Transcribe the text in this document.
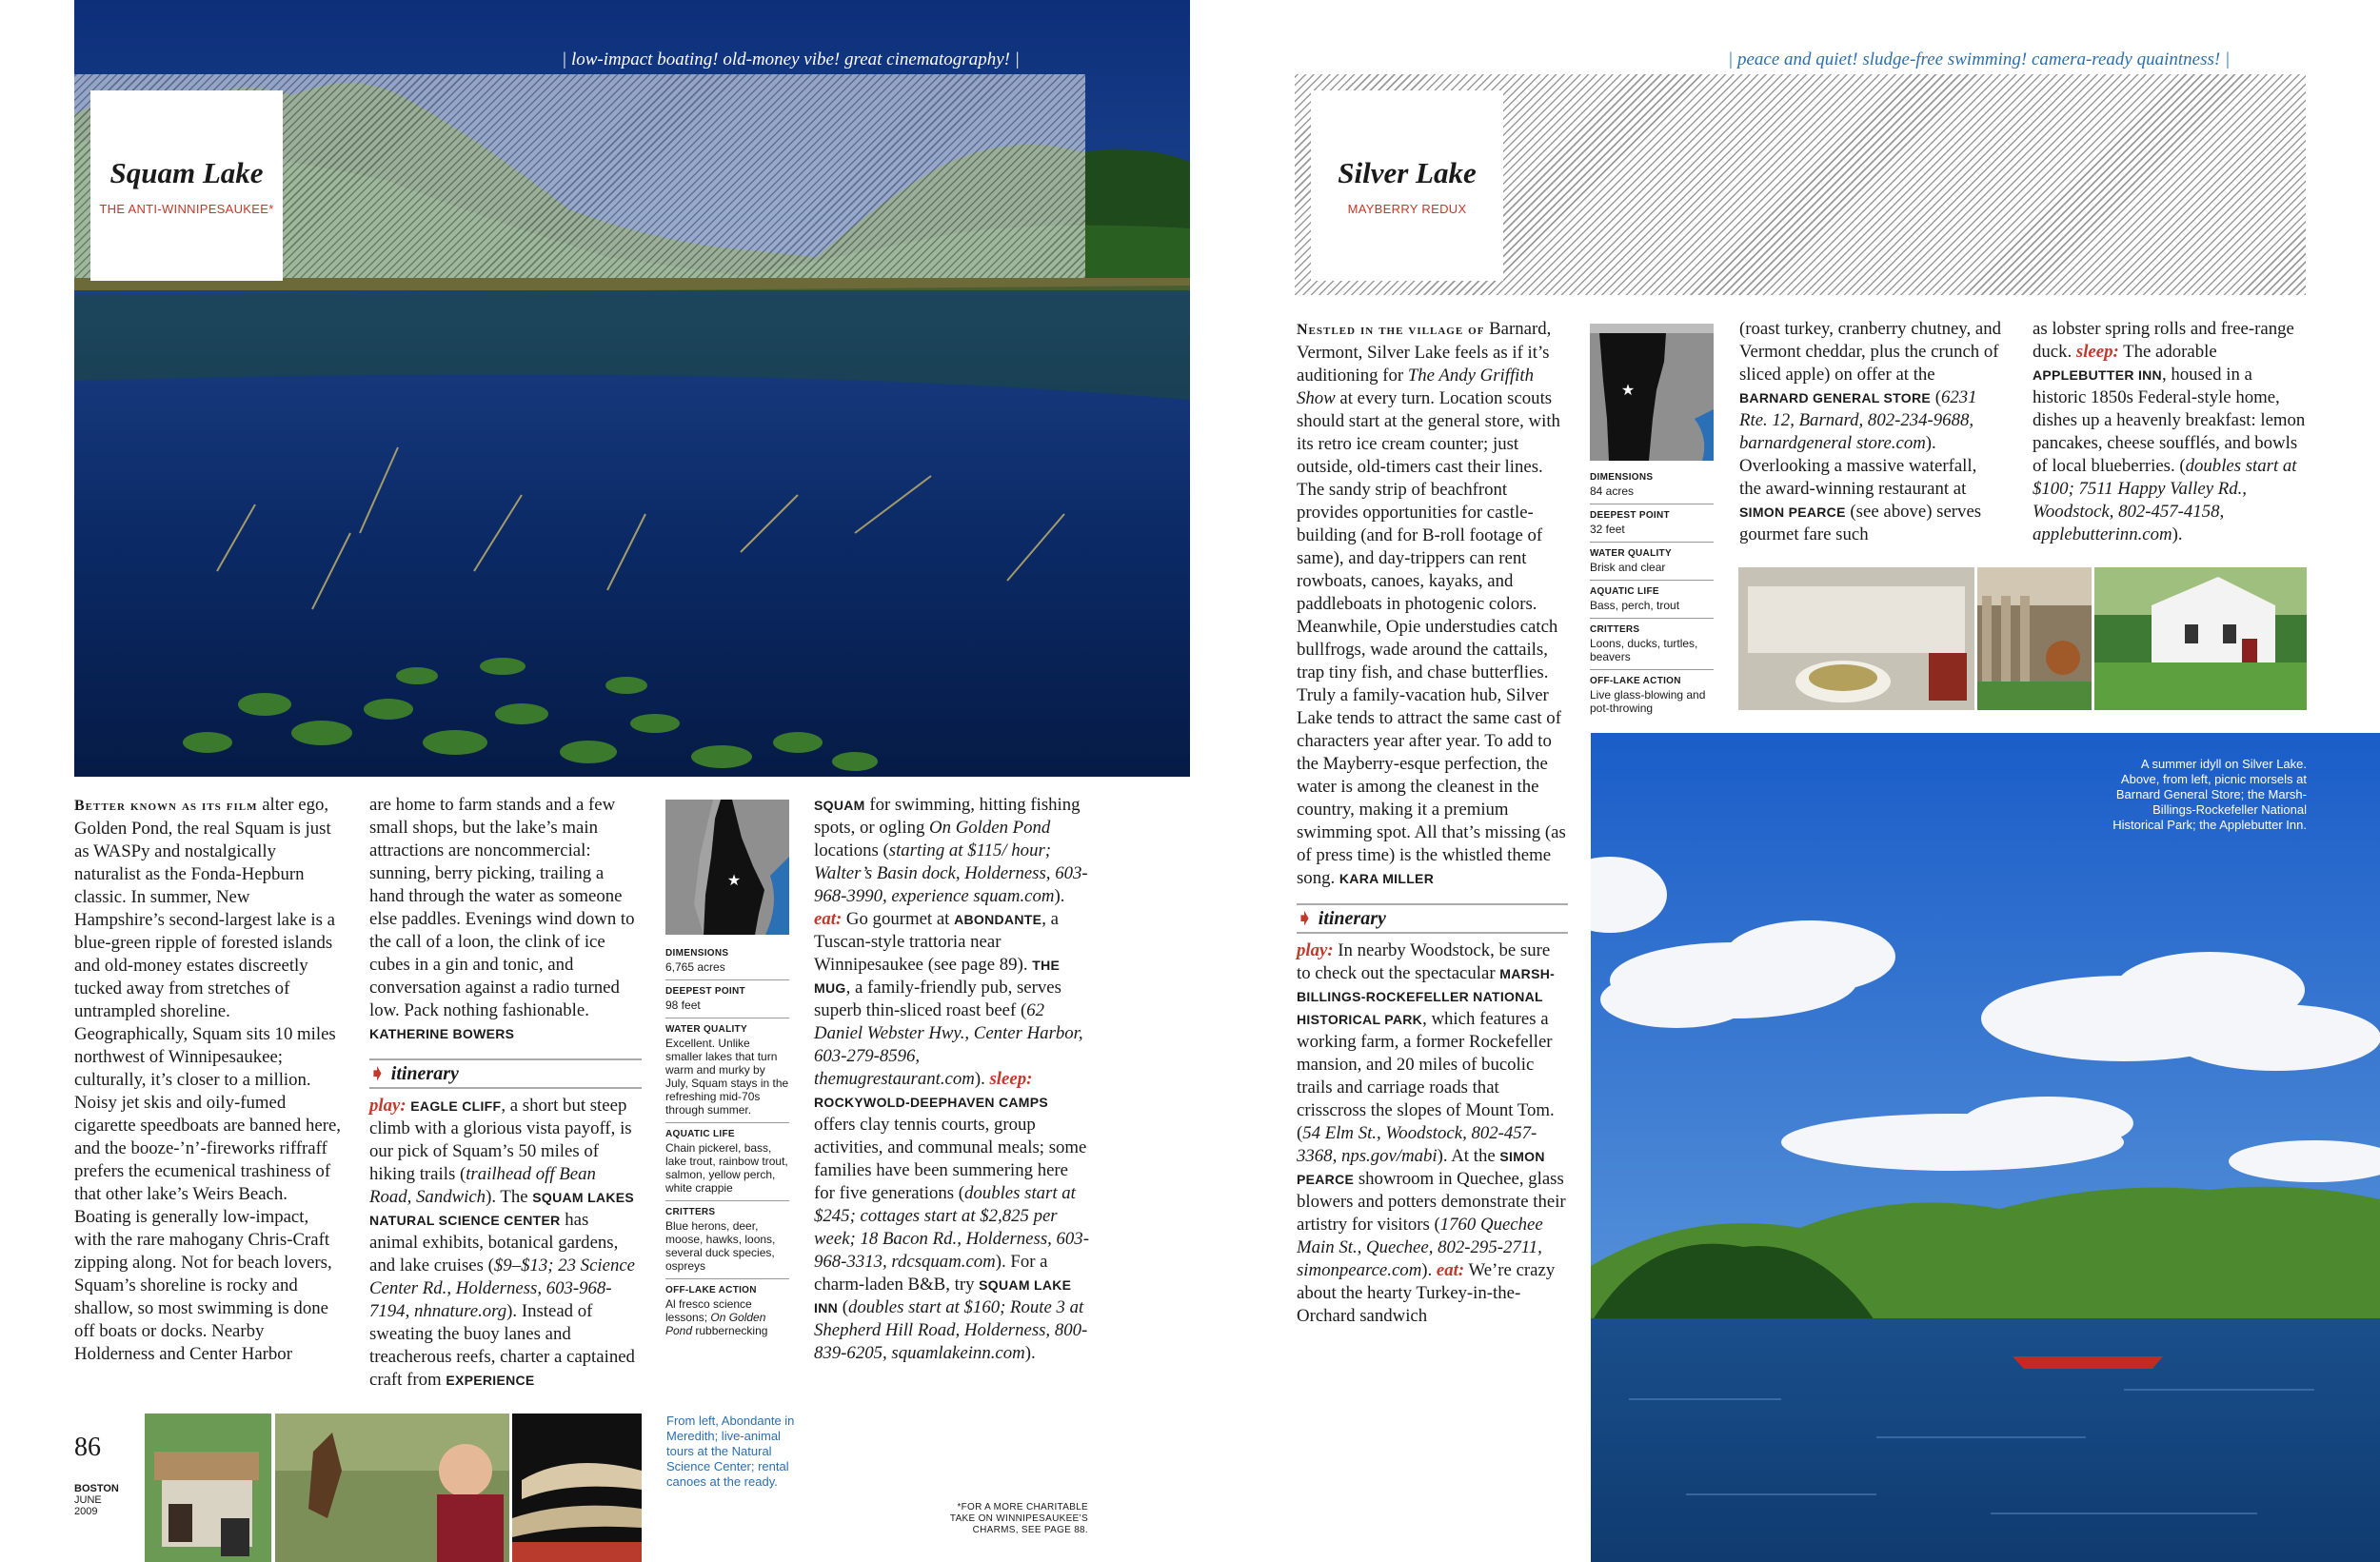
| low-impact boating! old-money vibe! great cinematography! |
Squam Lake
THE ANTI-WINNIPESAUKEE*

Better known as its film alter ego, Golden Pond, the real Squam is just as WASPy and nostalgically naturalist as the Fonda-Hepburn classic. In summer, New Hampshire’s second-largest lake is a blue-green ripple of forested islands and old-money estates discreetly tucked away from stretches of untrampled shoreline. Geographically, Squam sits 10 miles northwest of Winnipesaukee; culturally, it’s closer to a million. Noisy jet skis and oily-fumed cigarette speedboats are banned here, and the booze-’n’-fireworks riffraff prefers the ecumenical trashiness of that other lake’s Weirs Beach. Boating is generally low-impact, with the rare mahogany Chris-Craft zipping along. Not for beach lovers, Squam’s shoreline is rocky and shallow, so most swimming is done off boats or docks. Nearby Holderness and Center Harbor

are home to farm stands and a few small shops, but the lake’s main attractions are noncommercial: sunning, berry picking, trailing a hand through the water as someone else paddles. Evenings wind down to the call of a loon, the clink of ice cubes in a gin and tonic, and conversation against a radio turned low. Pack nothing fashionable. KATHERINE BOWERS

➧ itinerary

play: EAGLE CLIFF, a short but steep climb with a glorious vista payoff, is our pick of Squam’s 50 miles of hiking trails (trailhead off Bean Road, Sandwich). The SQUAM LAKES NATURAL SCIENCE CENTER has animal exhibits, botanical gardens, and lake cruises ($9–$13; 23 Science Center Rd., Holderness, 603-968-7194, nhnature.org). Instead of sweating the buoy lanes and treacherous reefs, charter a captained craft from EXPERIENCE

★
DIMENSIONS
6,765 acres
DEEPEST POINT
98 feet
WATER QUALITY
Excellent. Unlike smaller lakes that turn warm and murky by July, Squam stays in the refreshing mid-70s through summer.
AQUATIC LIFE
Chain pickerel, bass, lake trout, rainbow trout, salmon, yellow perch, white crappie
CRITTERS
Blue herons, deer, moose, hawks, loons, several duck species, ospreys
OFF-LAKE ACTION
Al fresco science lessons; On Golden Pond rubbernecking

SQUAM for swimming, hitting fishing spots, or ogling On Golden Pond locations (starting at $115/ hour; Walter’s Basin dock, Holderness, 603-968-3990, experience squam.com). eat: Go gourmet at ABONDANTE, a Tuscan-style trattoria near Winnipesaukee (see page 89). THE MUG, a family-friendly pub, serves superb thin-sliced roast beef (62 Daniel Webster Hwy., Center Harbor, 603-279-8596, themugrestaurant.com). sleep: ROCKYWOLD-DEEPHAVEN CAMPS offers clay tennis courts, group activities, and communal meals; some families have been summering here for five generations (doubles start at $245; cottages start at $2,825 per week; 18 Bacon Rd., Holderness, 603-968-3313, rdcsquam.com). For a charm-laden B&B, try SQUAM LAKE INN (doubles start at $160; Route 3 at Shepherd Hill Road, Holderness, 800-839-6205, squamlakeinn.com).

86
BOSTON
JUNE
2009
From left, Abondante in Meredith; live-animal tours at the Natural Science Center; rental canoes at the ready.
*FOR A MORE CHARITABLE TAKE ON WINNIPESAUKEE’S CHARMS, SEE PAGE 88.
| peace and quiet! sludge-free swimming! camera-ready quaintness! |
Silver Lake
MAYBERRY REDUX

Nestled in the village of Barnard, Vermont, Silver Lake feels as if it’s auditioning for The Andy Griffith Show at every turn. Location scouts should start at the general store, with its retro ice cream counter; just outside, old-timers cast their lines. The sandy strip of beachfront provides opportunities for castle-building (and for B-roll footage of same), and day-trippers can rent rowboats, canoes, kayaks, and paddleboats in photogenic colors. Meanwhile, Opie understudies catch bullfrogs, wade around the cattails, trap tiny fish, and chase butterflies. Truly a family-vacation hub, Silver Lake tends to attract the same cast of characters year after year. To add to the Mayberry-esque perfection, the water is among the cleanest in the country, making it a premium swimming spot. All that’s missing (as of press time) is the whistled theme song. KARA MILLER

➧ itinerary

play: In nearby Woodstock, be sure to check out the spectacular MARSH-BILLINGS-ROCKEFELLER NATIONAL HISTORICAL PARK, which features a working farm, a former Rockefeller mansion, and 20 miles of bucolic trails and carriage roads that crisscross the slopes of Mount Tom. (54 Elm St., Woodstock, 802-457-3368, nps.gov/mabi). At the SIMON PEARCE showroom in Quechee, glass blowers and potters demonstrate their artistry for visitors (1760 Quechee Main St., Quechee, 802-295-2711, simonpearce.com). eat: We’re crazy about the hearty Turkey-in-the-Orchard sandwich

★
DIMENSIONS
84 acres
DEEPEST POINT
32 feet
WATER QUALITY
Brisk and clear
AQUATIC LIFE
Bass, perch, trout
CRITTERS
Loons, ducks, turtles, beavers
OFF-LAKE ACTION
Live glass-blowing and pot-throwing

(roast turkey, cranberry chutney, and Vermont cheddar, plus the crunch of sliced apple) on offer at the BARNARD GENERAL STORE (6231 Rte. 12, Barnard, 802-234-9688, barnardgeneral store.com). Overlooking a massive waterfall, the award-winning restaurant at SIMON PEARCE (see above) serves gourmet fare such

as lobster spring rolls and free-range duck. sleep: The adorable APPLEBUTTER INN, housed in a historic 1850s Federal-style home, dishes up a heavenly breakfast: lemon pancakes, cheese soufflés, and bowls of local blueberries. (doubles start at $100; 7511 Happy Valley Rd., Woodstock, 802-457-4158, applebutterinn.com).

A summer idyll on Silver Lake. Above, from left, picnic morsels at Barnard General Store; the Marsh-Billings-Rockefeller National Historical Park; the Applebutter Inn.
